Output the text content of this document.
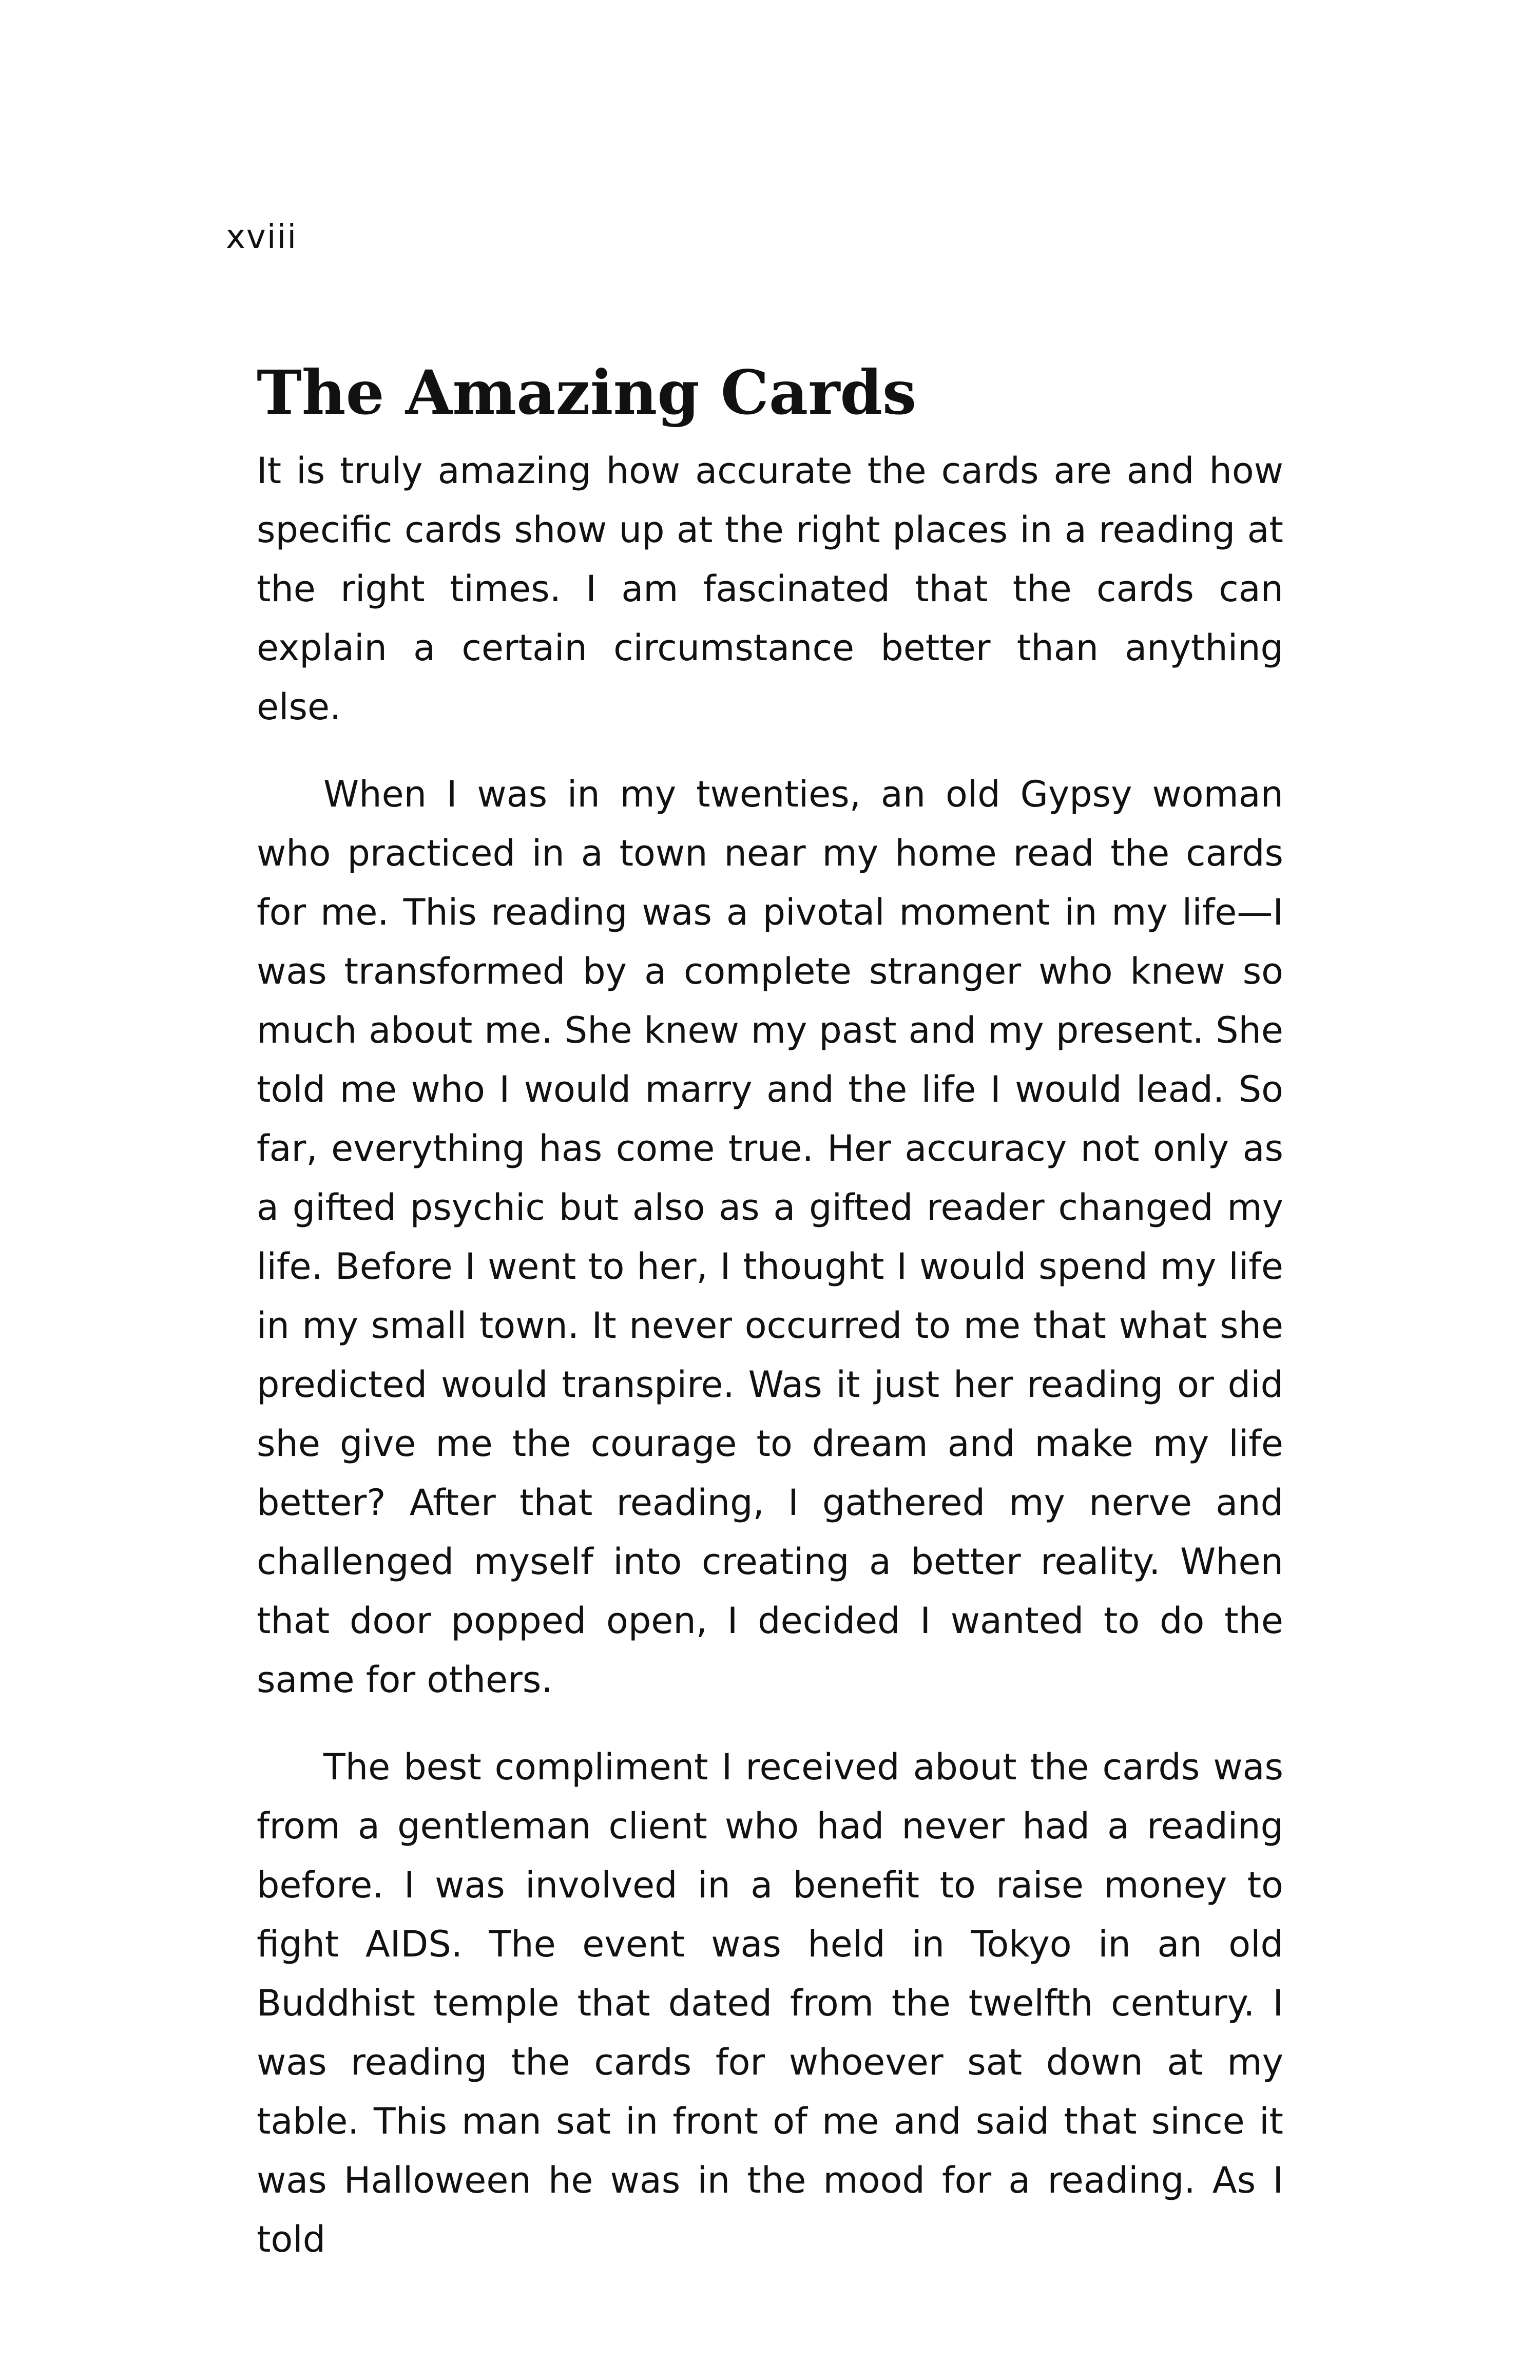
xviii
The Amazing Cards

It is truly amazing how accurate the cards are and how specific cards show up at the right places in a reading at the right times. I am fascinated that the cards can explain a certain circumstance better than anything else.

When I was in my twenties, an old Gypsy woman who practiced in a town near my home read the cards for me. This reading was a pivotal moment in my life—I was transformed by a complete stranger who knew so much about me. She knew my past and my present. She told me who I would marry and the life I would lead. So far, everything has come true. Her accuracy not only as a gifted psychic but also as a gifted reader changed my life. Before I went to her, I thought I would spend my life in my small town. It never occurred to me that what she predicted would transpire. Was it just her reading or did she give me the courage to dream and make my life better? After that reading, I gathered my nerve and challenged myself into creating a better reality. When that door popped open, I decided I wanted to do the same for others.

The best compliment I received about the cards was from a gentleman client who had never had a reading before. I was involved in a benefit to raise money to fight AIDS. The event was held in Tokyo in an old Buddhist temple that dated from the twelfth century. I was reading the cards for whoever sat down at my table. This man sat in front of me and said that since it was Halloween he was in the mood for a reading. As I told
